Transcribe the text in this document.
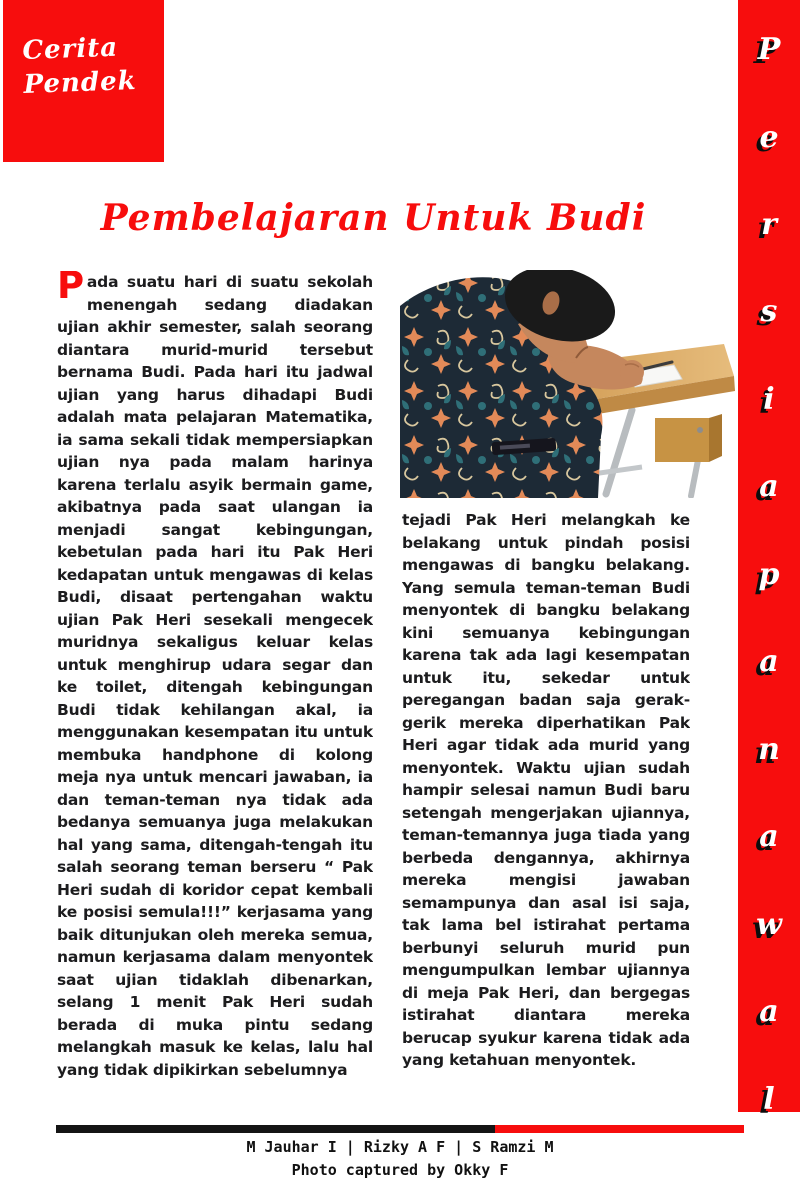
Cerita
Pendek
Pembelajaran Untuk Budi
Pada suatu hari di suatu sekolah menengah sedang diadakan ujian akhir semester, salah seorang diantara murid-murid tersebut bernama Budi. Pada hari itu jadwal ujian yang harus dihadapi Budi adalah mata pelajaran Matematika, ia sama sekali tidak mempersiapkan ujian nya pada malam harinya karena terlalu asyik bermain game, akibatnya pada saat ulangan ia menjadi sangat kebingungan, kebetulan pada hari itu Pak Heri kedapatan untuk mengawas di kelas Budi, disaat pertengahan waktu ujian Pak Heri sesekali mengecek muridnya sekaligus keluar kelas untuk menghirup udara segar dan ke toilet, ditengah kebingungan Budi tidak kehilangan akal, ia menggunakan kesempatan itu untuk membuka handphone di kolong meja nya untuk mencari jawaban, ia dan teman-teman nya tidak ada bedanya semuanya juga melakukan hal yang sama, ditengah-tengah itu salah seorang teman berseru “ Pak Heri sudah di koridor cepat kembali ke posisi semula!!!” kerjasama yang baik ditunjukan oleh mereka semua, namun kerjasama dalam menyontek saat ujian tidaklah dibenarkan, selang 1 menit Pak Heri sudah berada di muka pintu sedang melangkah masuk ke kelas, lalu hal yang tidak dipikirkan sebelumnya
tejadi Pak Heri melangkah ke belakang untuk pindah posisi mengawas di bangku belakang. Yang semula teman-teman Budi menyontek di bangku belakang kini semuanya kebingungan karena tak ada lagi kesempatan untuk itu, sekedar untuk peregangan badan saja gerak-gerik mereka diperhatikan Pak Heri agar tidak ada murid yang menyontek. Waktu ujian sudah hampir selesai namun Budi baru setengah mengerjakan ujiannya, teman-temannya juga tiada yang berbeda dengannya, akhirnya mereka mengisi jawaban semampunya dan asal isi saja, tak lama bel istirahat pertama berbunyi seluruh murid pun mengumpulkan lembar ujiannya di meja Pak Heri, dan bergegas istirahat diantara mereka berucap syukur karena tidak ada yang ketahuan menyontek.
P
e
r
s
i
a
p
a
n
a
w
a
l
M Jauhar I | Rizky A F | S Ramzi M
Photo captured by Okky F
